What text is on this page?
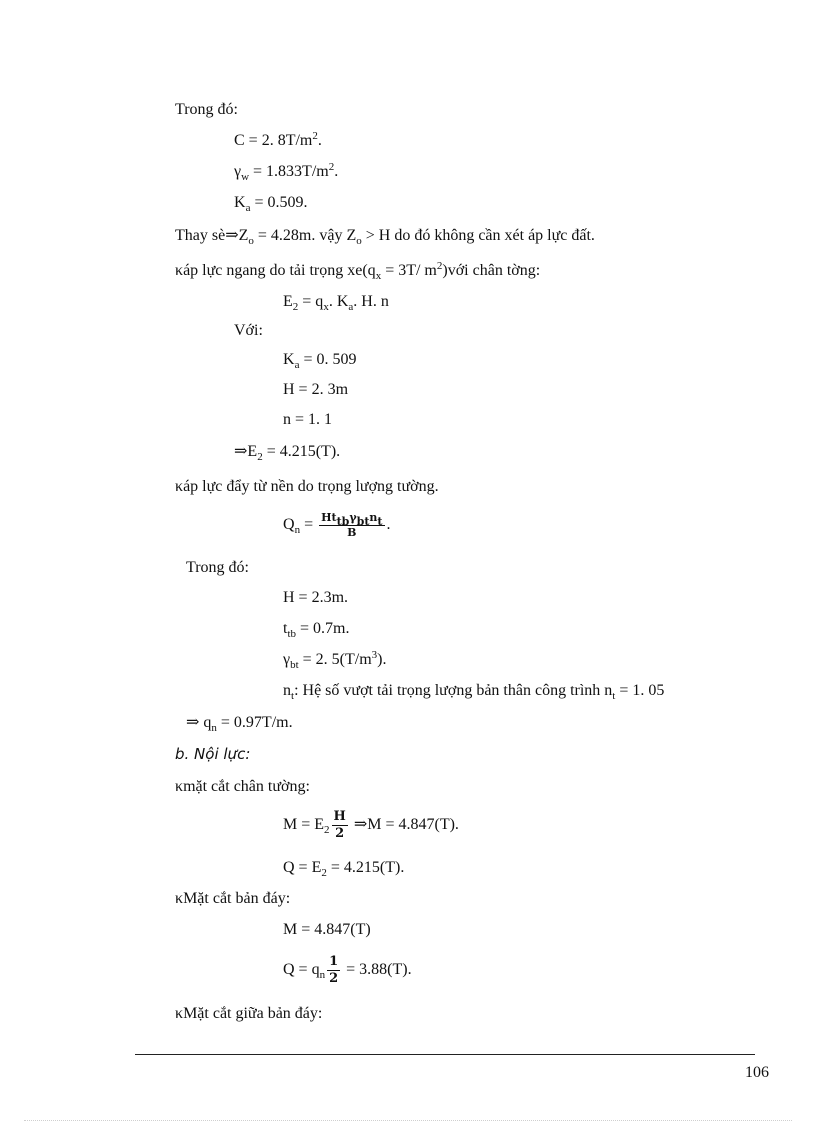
Trong đó:
C = 2. $8T/m^2$.
$\gamma_w = 1.833T/m^2$.
$K_a = 0.509$.
Thay $sè\Rightarrow Z_o = 4.28m$. vậy $Z_o > H$ do đó không cần xét áp lực đất.
κáp lực ngang do tải trọng $xe(q_x = 3T/$ $m^2)với$ chân tờng:
$E_2 = q_x$. $K_a$. H. n
Với:
$K_a = 0$. 509
H = 2. 3m
n = 1. 1
$\Rightarrow E_2 = 4.215(T)$.
κáp lực đẩy từ nền do trọng lượng tường.
$Q_n = \frac{Ht_{tb}\gamma_{bt}n_t}{B}$ .
Trong đó:
H = 2.3m.
$t_{tb} = 0.7m$.
$\gamma_{bt} = 2$. $5(T/m^3)$.
$n_t$: Hệ số vượt tải trọng lượng bản thân công trình $n_t = 1$. 05
⇒ $q_n = 0.97T/m$.
b. Nội lực:
κmặt cắt chân tường:
$M = E_2 \frac{H}{2}$ ⇒M = 4.847(T).
$Q = E_2 = 4.215(T)$.
κMặt cắt bản đáy:
M = 4.847(T)
$Q = q_n \frac{1}{2} = 3.88(T)$.
κMặt cắt giữa bản đáy:
106
